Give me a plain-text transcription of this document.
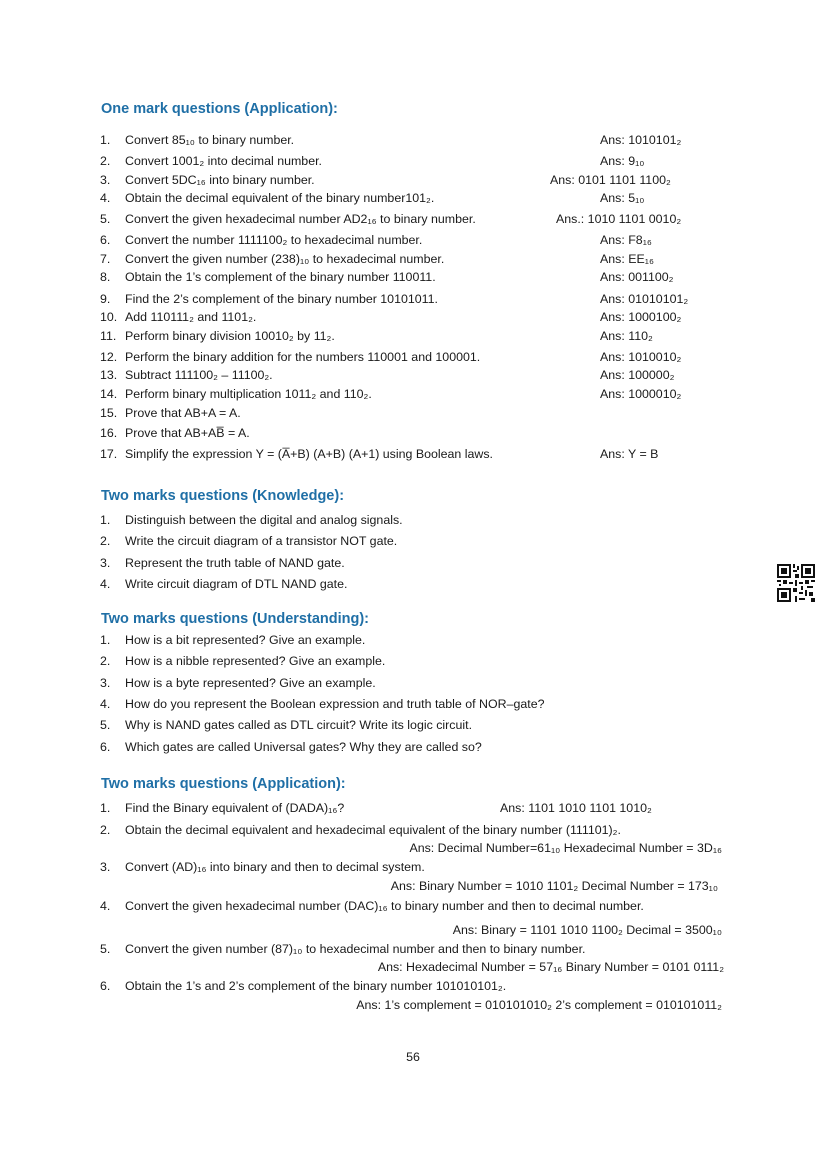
One mark questions (Application):
1. Convert 85₁₀ to binary number.	Ans: 1010101₂
2. Convert 1001₂ into decimal number.	Ans: 9₁₀
3. Convert 5DC₁₆ into binary number.	Ans: 0101 1101 1100₂
4. Obtain the decimal equivalent of the binary number101₂.	Ans: 5₁₀
5. Convert the given hexadecimal number AD2₁₆ to binary number.	Ans.: 1010 1101 0010₂
6. Convert the number 1111100₂ to hexadecimal number.	Ans: F8₁₆
7. Convert the given number (238)₁₀ to hexadecimal number.	Ans: EE₁₆
8. Obtain the 1’s complement of the binary number 110011.	Ans: 001100₂
9. Find the 2’s complement of the binary number 10101011.	Ans: 01010101₂
10. Add 110111₂ and 1101₂.	Ans: 1000100₂
11. Perform binary division 10010₂ by 11₂.	Ans: 110₂
12. Perform the binary addition for the numbers 110001 and 100001.	Ans: 1010010₂
13. Subtract 111100₂ – 11100₂.	Ans: 100000₂
14. Perform binary multiplication 1011₂ and 110₂.	Ans: 1000010₂
15. Prove that AB+A = A.
16. Prove that AB+AB̅ = A.
17. Simplify the expression Y = (A̅+B) (A+B) (A+1) using Boolean laws.	Ans: Y = B
Two marks questions (Knowledge):
1. Distinguish between the digital and analog signals.
2. Write the circuit diagram of a transistor NOT gate.
3. Represent the truth table of NAND gate.
4. Write circuit diagram of DTL NAND gate.
Two marks questions (Understanding):
1. How is a bit represented? Give an example.
2. How is a nibble represented? Give an example.
3. How is a byte represented? Give an example.
4. How do you represent the Boolean expression and truth table of NOR–gate?
5. Why is NAND gates called as DTL circuit? Write its logic circuit.
6. Which gates are called Universal gates? Why they are called so?
Two marks questions (Application):
1. Find the Binary equivalent of (DADA)₁₆?	Ans: 1101 1010 1101 1010₂
2. Obtain the decimal equivalent and hexadecimal equivalent of the binary number (111101)₂.
Ans: Decimal Number=61₁₀ Hexadecimal Number = 3D₁₆
3. Convert (AD)₁₆ into binary and then to decimal system.
Ans: Binary Number = 1010 1101₂ Decimal Number = 173₁₀
4. Convert the given hexadecimal number (DAC)₁₆ to binary number and then to decimal number.
Ans: Binary = 1101 1010 1100₂ Decimal = 3500₁₀
5. Convert the given number (87)₁₀ to hexadecimal number and then to binary number.
Ans: Hexadecimal Number = 57₁₆ Binary Number = 0101 0111₂
6. Obtain the 1’s and 2’s complement of the binary number 101010101₂.
Ans: 1’s complement = 010101010₂ 2’s complement = 010101011₂
56
